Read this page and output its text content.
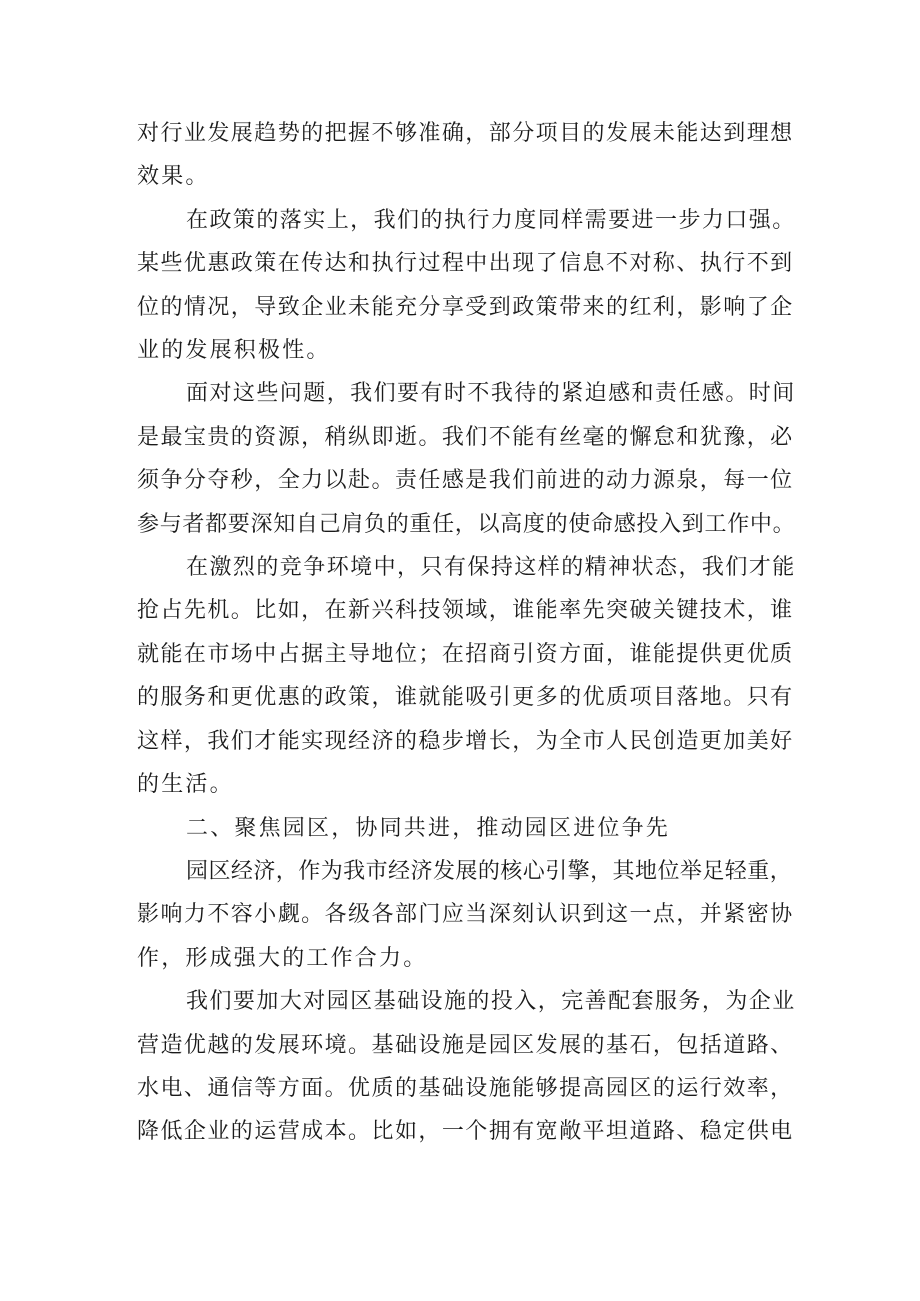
对行业发展趋势的把握不够准确，部分项目的发展未能达到理想
效果。
在政策的落实上，我们的执行力度同样需要进一步力口强。
某些优惠政策在传达和执行过程中出现了信息不对称、执行不到
位的情况，导致企业未能充分享受到政策带来的红利，影响了企
业的发展积极性。
面对这些问题，我们要有时不我待的紧迫感和责任感。时间
是最宝贵的资源，稍纵即逝。我们不能有丝毫的懈怠和犹豫，必
须争分夺秒，全力以赴。责任感是我们前进的动力源泉，每一位
参与者都要深知自己肩负的重任，以高度的使命感投入到工作中。
在激烈的竞争环境中，只有保持这样的精神状态，我们才能
抢占先机。比如，在新兴科技领域，谁能率先突破关键技术，谁
就能在市场中占据主导地位；在招商引资方面，谁能提供更优质
的服务和更优惠的政策，谁就能吸引更多的优质项目落地。只有
这样，我们才能实现经济的稳步增长，为全市人民创造更加美好
的生活。
二、聚焦园区，协同共进，推动园区进位争先
园区经济，作为我市经济发展的核心引擎，其地位举足轻重，
影响力不容小觑。各级各部门应当深刻认识到这一点，并紧密协
作，形成强大的工作合力。
我们要加大对园区基础设施的投入，完善配套服务，为企业
营造优越的发展环境。基础设施是园区发展的基石，包括道路、
水电、通信等方面。优质的基础设施能够提高园区的运行效率，
降低企业的运营成本。比如，一个拥有宽敞平坦道路、稳定供电
